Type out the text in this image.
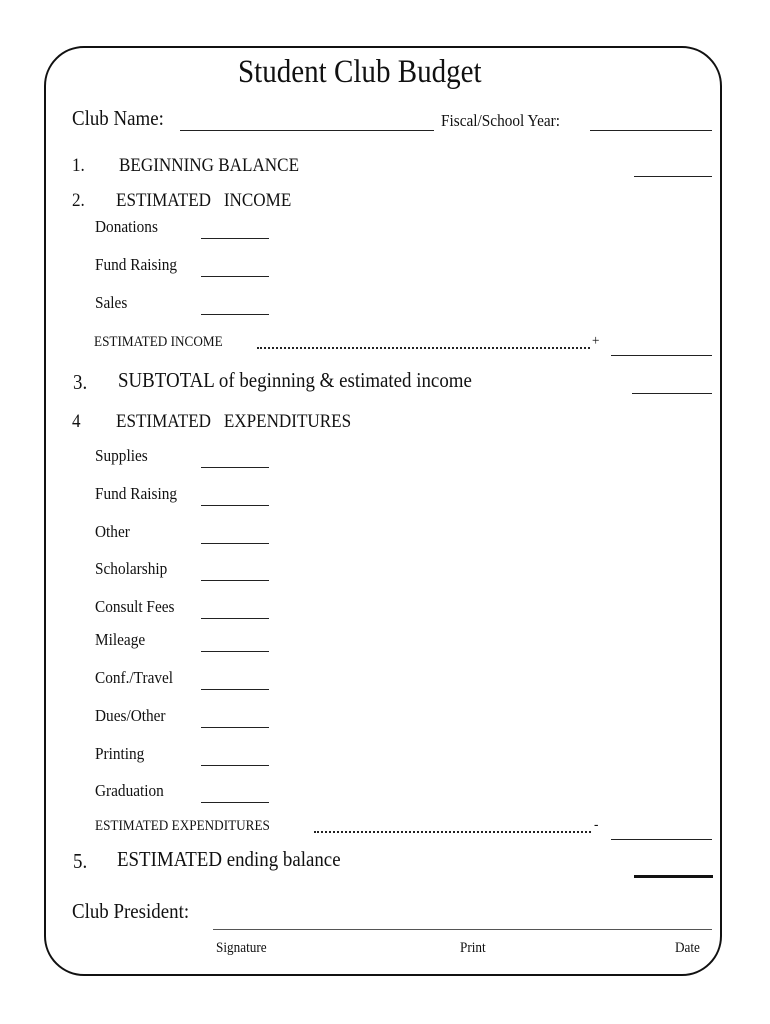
Student Club Budget
Club Name:	Fiscal/School Year:
1. BEGINNING BALANCE
2. ESTIMATED   INCOME
Donations
Fund Raising
Sales
ESTIMATED INCOME	+
3. SUBTOTAL of beginning & estimated income
4 ESTIMATED   EXPENDITURES
Supplies
Fund Raising
Other
Scholarship
Consult Fees
Mileage
Conf./Travel
Dues/Other
Printing
Graduation
ESTIMATED EXPENDITURES	-
5. ESTIMATED ending balance
Club President:
Signature	Print	Date
